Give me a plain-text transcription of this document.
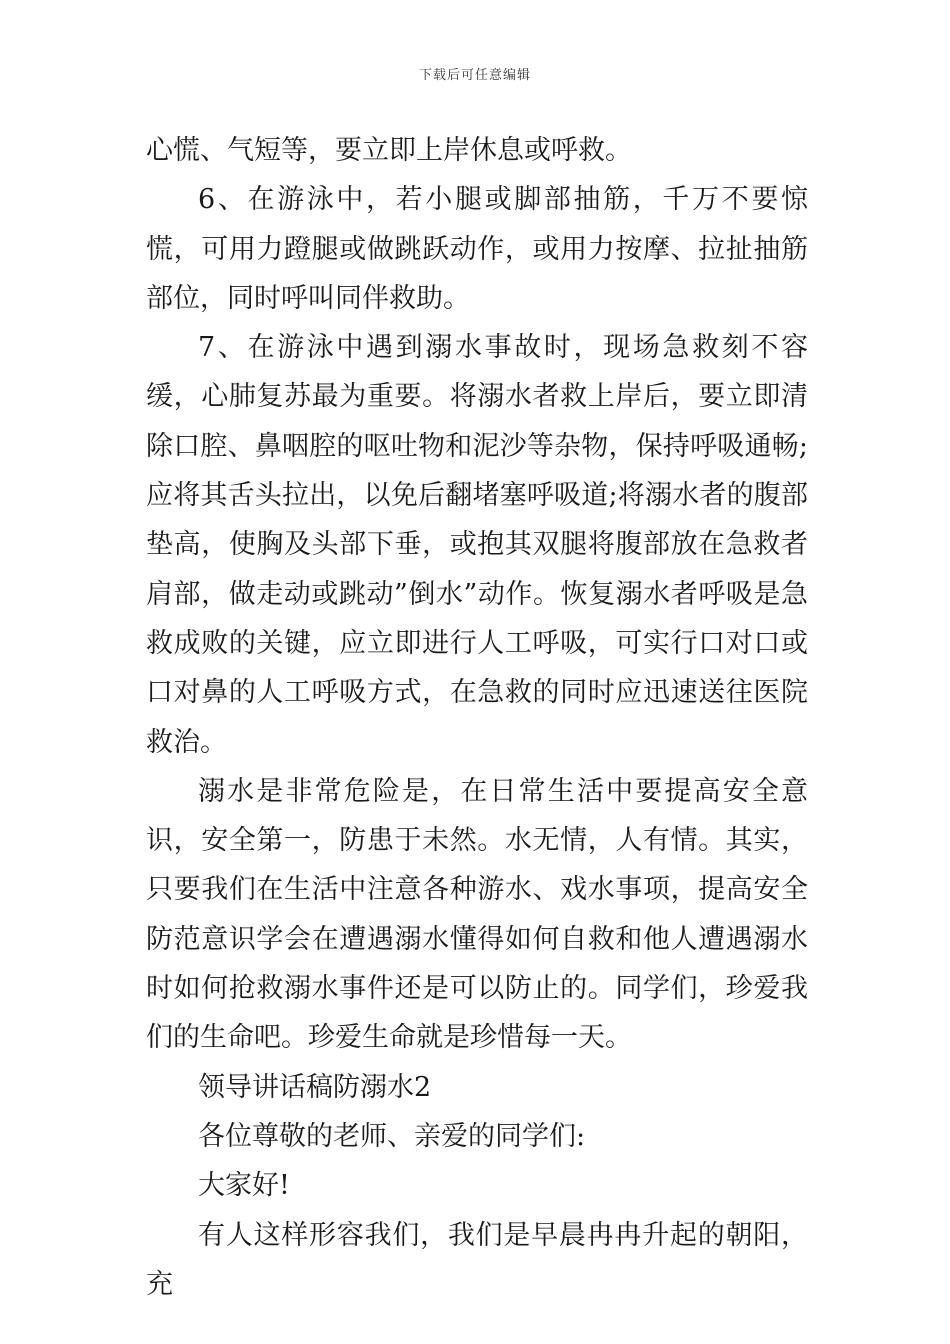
下载后可任意编辑

心慌、气短等，要立即上岸休息或呼救。

6、在游泳中，若小腿或脚部抽筋，千万不要惊慌，可用力蹬腿或做跳跃动作，或用力按摩、拉扯抽筋部位，同时呼叫同伴救助。

7、在游泳中遇到溺水事故时，现场急救刻不容缓，心肺复苏最为重要。将溺水者救上岸后，要立即清除口腔、鼻咽腔的呕吐物和泥沙等杂物，保持呼吸通畅;应将其舌头拉出，以免后翻堵塞呼吸道;将溺水者的腹部垫高，使胸及头部下垂，或抱其双腿将腹部放在急救者肩部，做走动或跳动”倒水”动作。恢复溺水者呼吸是急救成败的关键，应立即进行人工呼吸，可实行口对口或口对鼻的人工呼吸方式，在急救的同时应迅速送往医院救治。

溺水是非常危险是，在日常生活中要提高安全意识，安全第一，防患于未然。水无情，人有情。其实，只要我们在生活中注意各种游水、戏水事项，提高安全防范意识学会在遭遇溺水懂得如何自救和他人遭遇溺水时如何抢救溺水事件还是可以防止的。同学们，珍爱我们的生命吧。珍爱生命就是珍惜每一天。

领导讲话稿防溺水2

各位尊敬的老师、亲爱的同学们:

大家好!

有人这样形容我们，我们是早晨冉冉升起的朝阳，充
